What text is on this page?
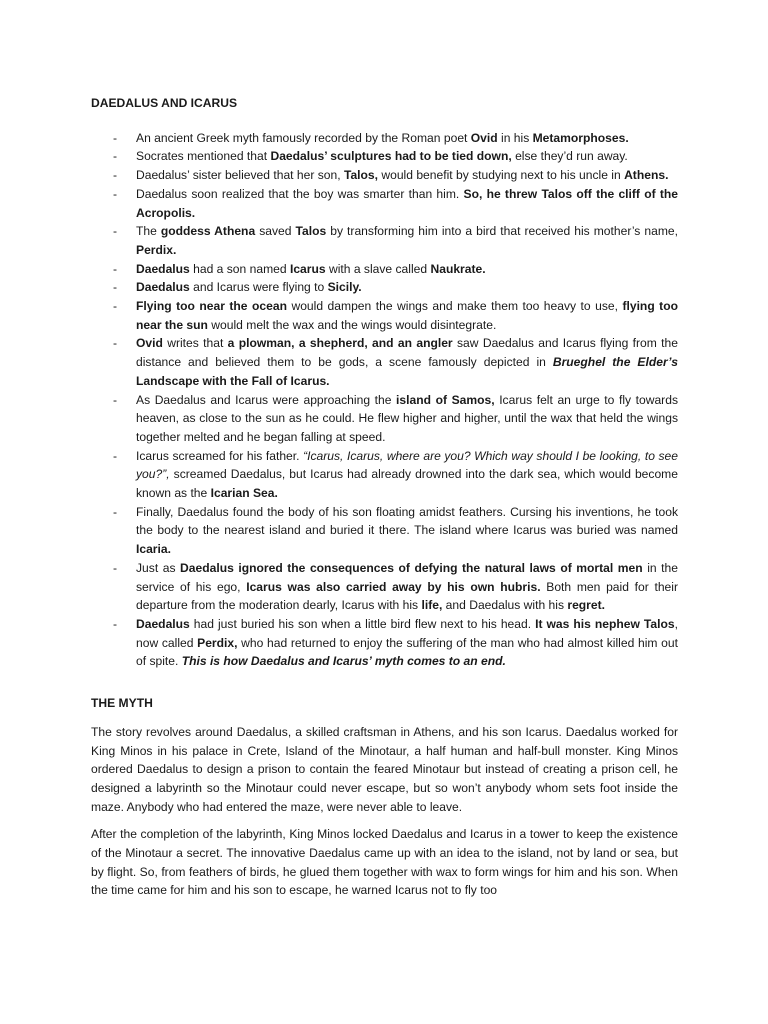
DAEDALUS AND ICARUS
- An ancient Greek myth famously recorded by the Roman poet Ovid in his Metamorphoses.
- Socrates mentioned that Daedalus’ sculptures had to be tied down, else they’d run away.
- Daedalus’ sister believed that her son, Talos, would benefit by studying next to his uncle in Athens.
- Daedalus soon realized that the boy was smarter than him. So, he threw Talos off the cliff of the Acropolis.
- The goddess Athena saved Talos by transforming him into a bird that received his mother’s name, Perdix.
- Daedalus had a son named Icarus with a slave called Naukrate.
- Daedalus and Icarus were flying to Sicily.
- Flying too near the ocean would dampen the wings and make them too heavy to use, flying too near the sun would melt the wax and the wings would disintegrate.
- Ovid writes that a plowman, a shepherd, and an angler saw Daedalus and Icarus flying from the distance and believed them to be gods, a scene famously depicted in Brueghel the Elder’s Landscape with the Fall of Icarus.
- As Daedalus and Icarus were approaching the island of Samos, Icarus felt an urge to fly towards heaven, as close to the sun as he could. He flew higher and higher, until the wax that held the wings together melted and he began falling at speed.
- Icarus screamed for his father. “Icarus, Icarus, where are you? Which way should I be looking, to see you?”, screamed Daedalus, but Icarus had already drowned into the dark sea, which would become known as the Icarian Sea.
- Finally, Daedalus found the body of his son floating amidst feathers. Cursing his inventions, he took the body to the nearest island and buried it there. The island where Icarus was buried was named Icaria.
- Just as Daedalus ignored the consequences of defying the natural laws of mortal men in the service of his ego, Icarus was also carried away by his own hubris. Both men paid for their departure from the moderation dearly, Icarus with his life, and Daedalus with his regret.
- Daedalus had just buried his son when a little bird flew next to his head. It was his nephew Talos, now called Perdix, who had returned to enjoy the suffering of the man who had almost killed him out of spite. This is how Daedalus and Icarus’ myth comes to an end.
THE MYTH

The story revolves around Daedalus, a skilled craftsman in Athens, and his son Icarus. Daedalus worked for King Minos in his palace in Crete, Island of the Minotaur, a half human and half-bull monster. King Minos ordered Daedalus to design a prison to contain the feared Minotaur but instead of creating a prison cell, he designed a labyrinth so the Minotaur could never escape, but so won’t anybody whom sets foot inside the maze. Anybody who had entered the maze, were never able to leave.

After the completion of the labyrinth, King Minos locked Daedalus and Icarus in a tower to keep the existence of the Minotaur a secret. The innovative Daedalus came up with an idea to the island, not by land or sea, but by flight. So, from feathers of birds, he glued them together with wax to form wings for him and his son. When the time came for him and his son to escape, he warned Icarus not to fly too
